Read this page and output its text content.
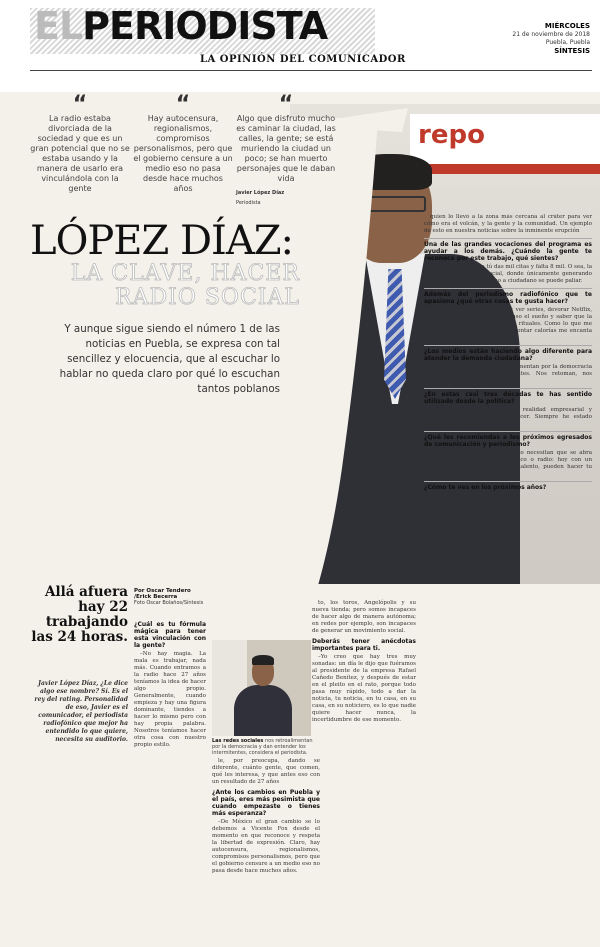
ELPERIODISTA
LA OPINIÓN DEL COMUNICADOR
MIÉRCOLES
21 de noviembre de 2018
Puebla, Puebla
SÍNTESIS
repo
“
La radio estaba divorciada de la sociedad y que es un gran potencial que no se estaba usando y la manera de usarlo era vinculándola con la gente
“
Hay autocensura, regionalismos, compromisos personalismos, pero que el gobierno censure a un medio eso no pasa desde hace muchos años
“
Algo que disfruto mucho es caminar la ciudad, las calles, la gente; se está muriendo la ciudad un poco; se han muerto personajes que le daban vida
Javier López Díaz
Periodista
LÓPEZ DÍAZ:
LA CLAVE, HACER RADIO SOCIAL
Y aunque sigue siendo el número 1 de las noticias en Puebla, se expresa con tal sencillez y elocuencia, que al escuchar lo hablar no queda claro por qué lo escuchan tantos poblanos
Allá afuera hay 22 trabajando las 24 horas.
Javier López Díaz, ¿Le dice algo ese nombre? Sí. Es el rey del rating. Personalidad de eso, Javier es el comunicador, el periodista radiofónico que mejor ha entendido lo que quiere, necesita su auditorio.
Por Oscar Tendero /Erick Becerra
Foto Oscar Bolaños/Síntesis
¿Cuál es tu fórmula mágica para tener esta vinculación con la gente?

–No hay magia. La mala es trabajar, nada más. Cuando entramos a la radio hace 27 años teníamos la idea de hacer algo propio. Generalmente, cuando empieza y hay una figura dominante, tiendes a hacer lo mismo pero con hay propia palabra. Nosotros teníamos hacer otra cosa con nuestro propio estilo.

Las redes sociales nos retroalimentan por la democracia y dan entender los intermitentes, considera el periodista.

le, por preocupa, dando se diferente, cuánto gente, que comen, qué les interesa, y que antes eso con un resultado de 27 años

¿Ante los cambios en Puebla y el país, eres más pesimista que cuando empezaste o tienes más esperanza?

–De México el gran cambio se lo debemos a Vicente Fox desde el momento en que reconoce y respeta la libertad de expresión. Claro, hay autocensura, regionalismos, compromisos personalismos, pero que el gobierno censure a un medio eso no pasa desde hace muchos años.

to, los toros, Angelópolis y su nueva tienda; pero somos incapaces de hacer algo de manera autónoma; en redes por ejemplo, son incapaces de generar un movimiento social.

Deberás tener anécdotas importantes para ti.

–Yo creo que hay tres muy sonadas: un día le dijo que fuéramos al presidente de la empresa Rafael Cañedo Benítez, y después de estar en el pleito en el rato, porque todo pasa muy rápido, todo a dar la noticia, tu noticia, en tu casa, en su casa, en su noticiero, es lo que nadie quiere hacer nunca, la incertidumbre de ese momento.

quien lo llevó a la zona más cercana al cráter para ver cómo era el volcán, y la gente y la comunidad. Un ejemplo de esto en nuestra noticias sobre la inminente erupción

Una de las grandes vocaciones del programa es ayudar a los demás. ¿Cuándo la gente te reconoce por este trabajo, qué sientes?

Impotencia, porque tú das mil citas y falta 8 mil. O sea, la inacabada asistencia social, donde únicamente generando la solidaridad de ciudadano a ciudadano se puede paliar.

Además del periodismo radiofónico que te apasiona ¿qué otras cosas te gusta hacer?

–Me gusta mucho ver la tele; ver series, devorar Netflix, quedarme dormido donde se guso el sueño y saber que la puedes volver a ver, son de mis rituales. Como lo que me gusta a placer, en la dieta, sin contar calorías me encanta disfruto mucho hacer eso.

¿Los medios están haciendo algo diferente para atender la demanda ciudadana?

–Las redes sociales nos retroalimentan por la democracia y dan entender los intermitentes. Nos retoman, nos aplastan y dejan atrás.

¿En estas casi tres décadas te has sentido utilizado desde la política?

–Tú realidad se impone. Tu realidad empresarial y personal no lo puedes desconocer. Siempre he estado donde está y parado.

¿Qué les recomiendas a los próximos egresados de comunicación y periodismo?

–Que tengan su propia idea, no necesitan que se abra otro canal de televisión, periódico o radio: hoy con un medio casi ilimitado de todo y talento, pueden hacer tu propio medio.

¿Cómo te ves en los próximos años?
